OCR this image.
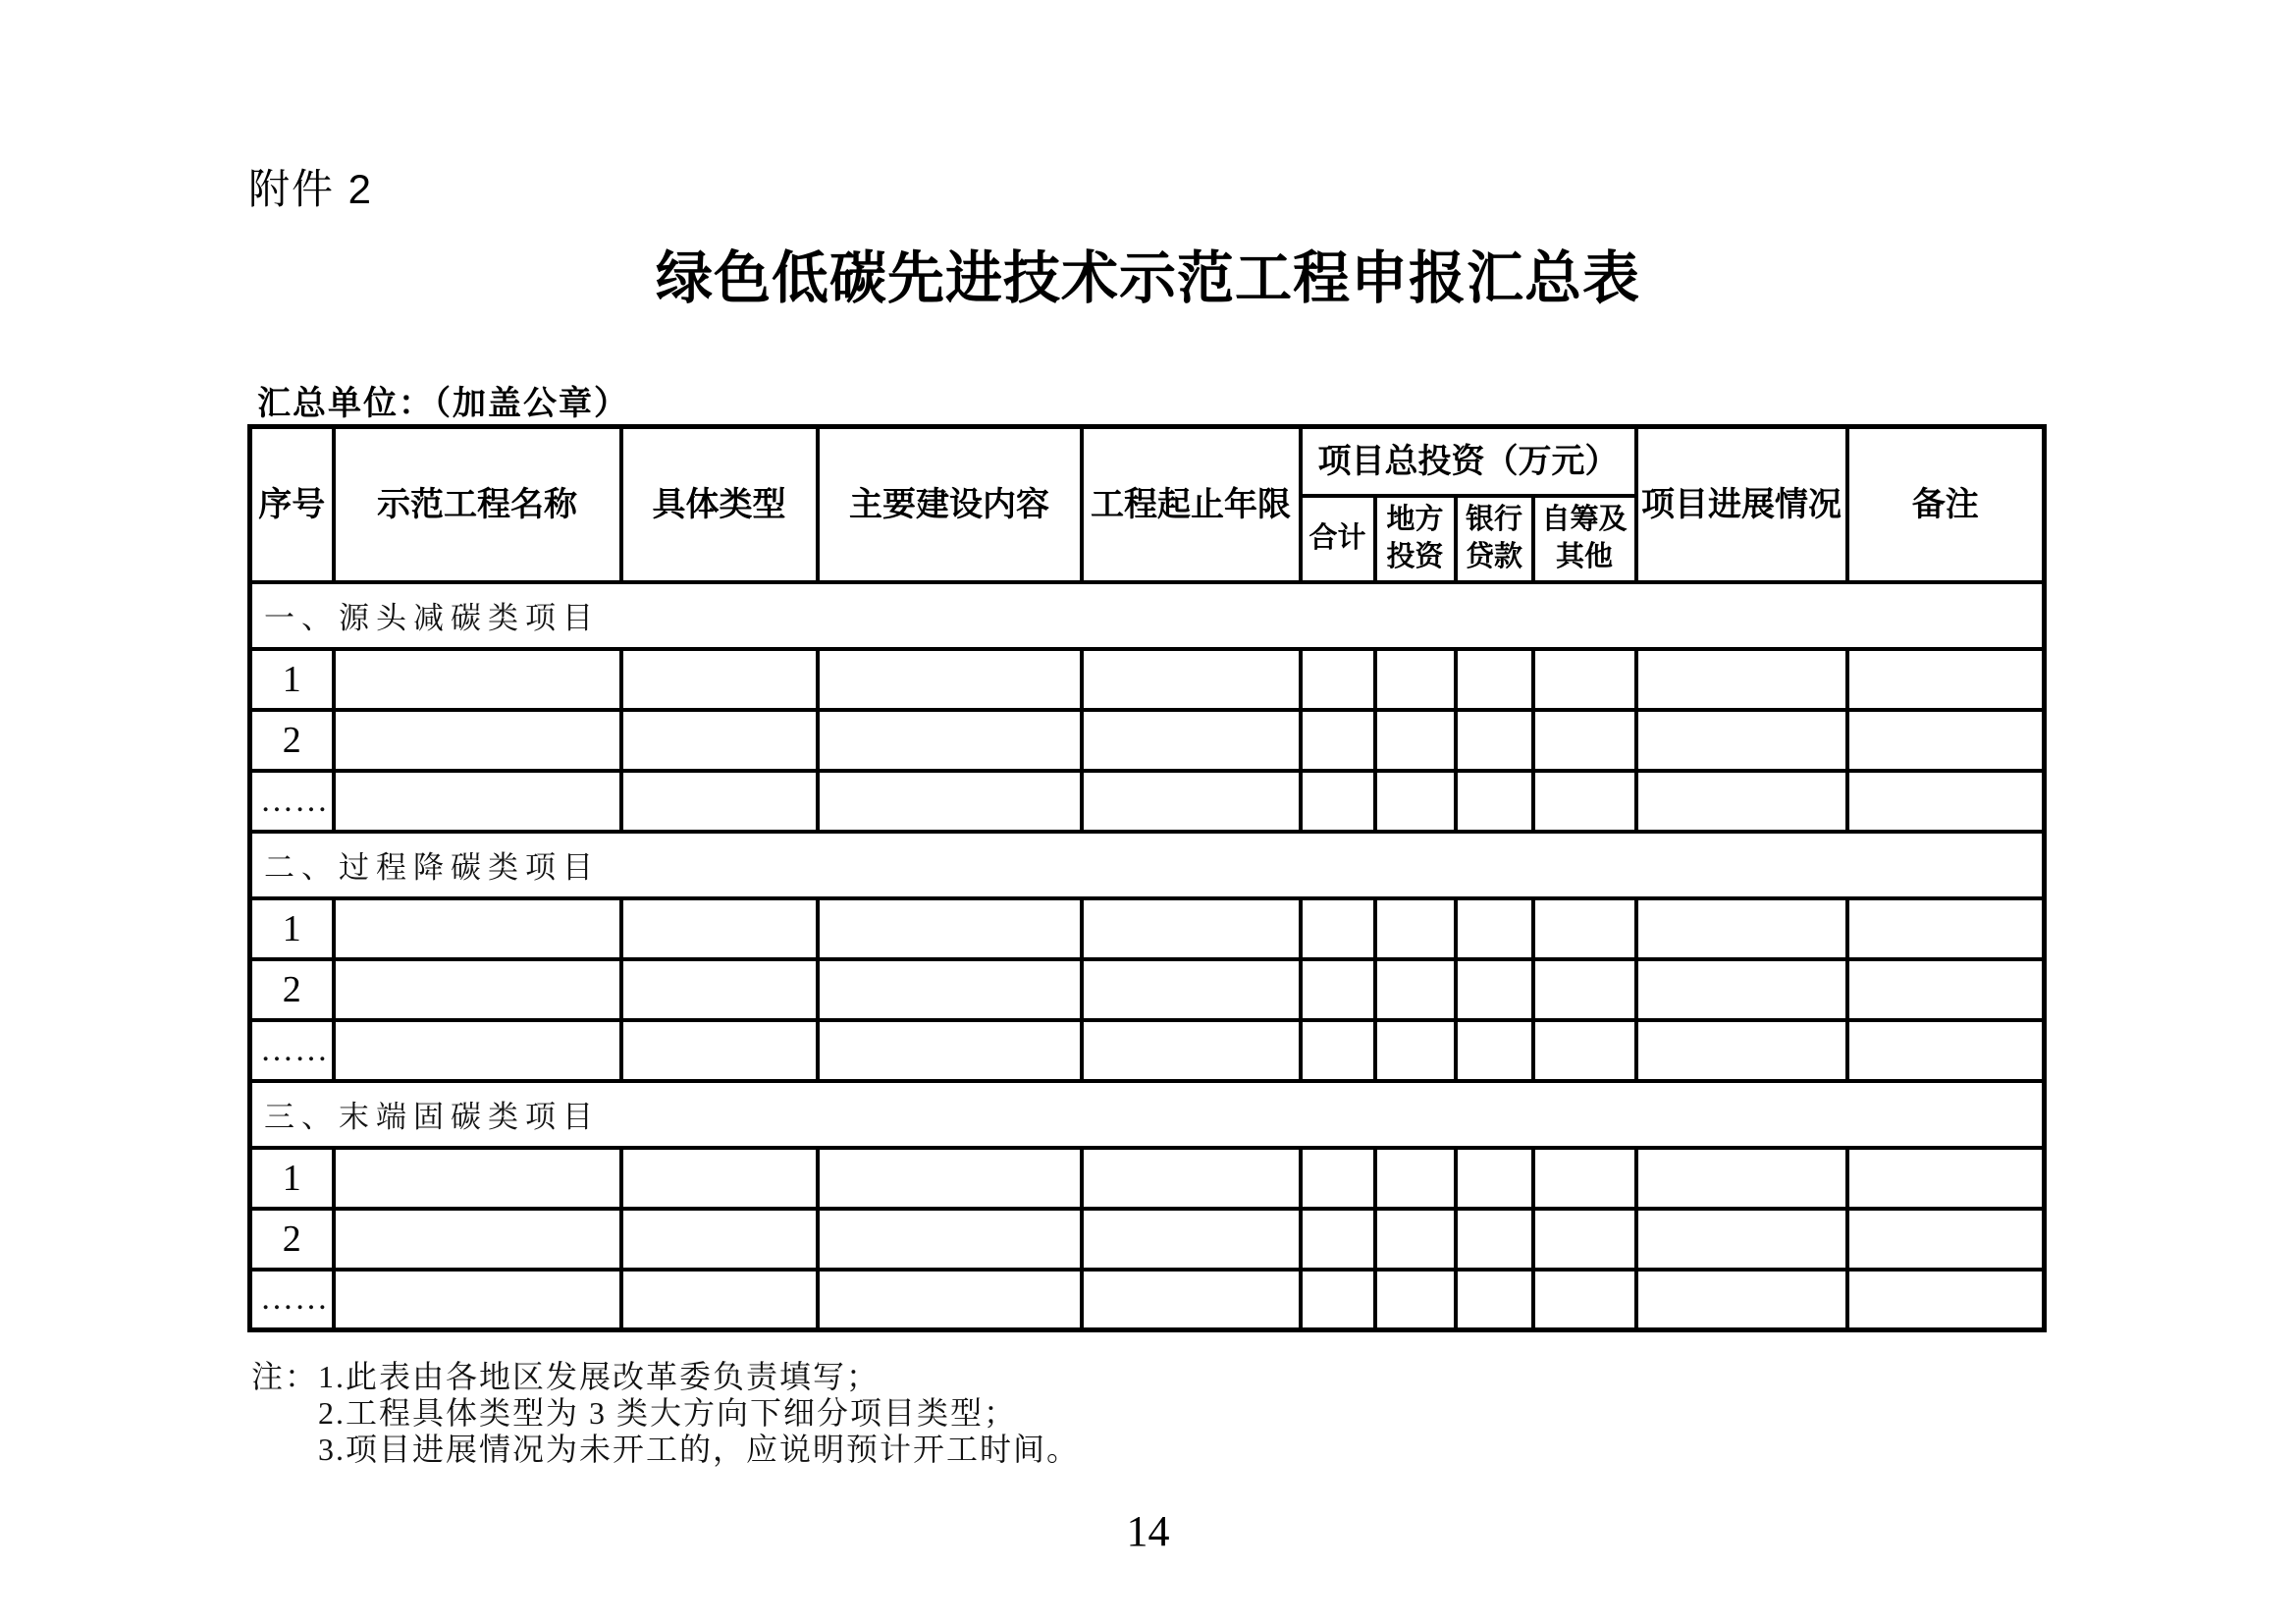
附件 2
绿色低碳先进技术示范工程申报汇总表
汇总单位：（加盖公章）
序号	示范工程名称	具体类型	主要建设内容	工程起止年限	项目总投资（万元）				项目进展情况	备注
					合计	地方投资	银行贷款	自筹及其他		
一、源头减碳类项目										
1										
2										
……										
二、过程降碳类项目										
1										
2										
……										
三、末端固碳类项目										
1										
2										
……										
注： 1.此表由各地区发展改革委负责填写；
2.工程具体类型为 3 类大方向下细分项目类型；
3.项目进展情况为未开工的，应说明预计开工时间。
14
